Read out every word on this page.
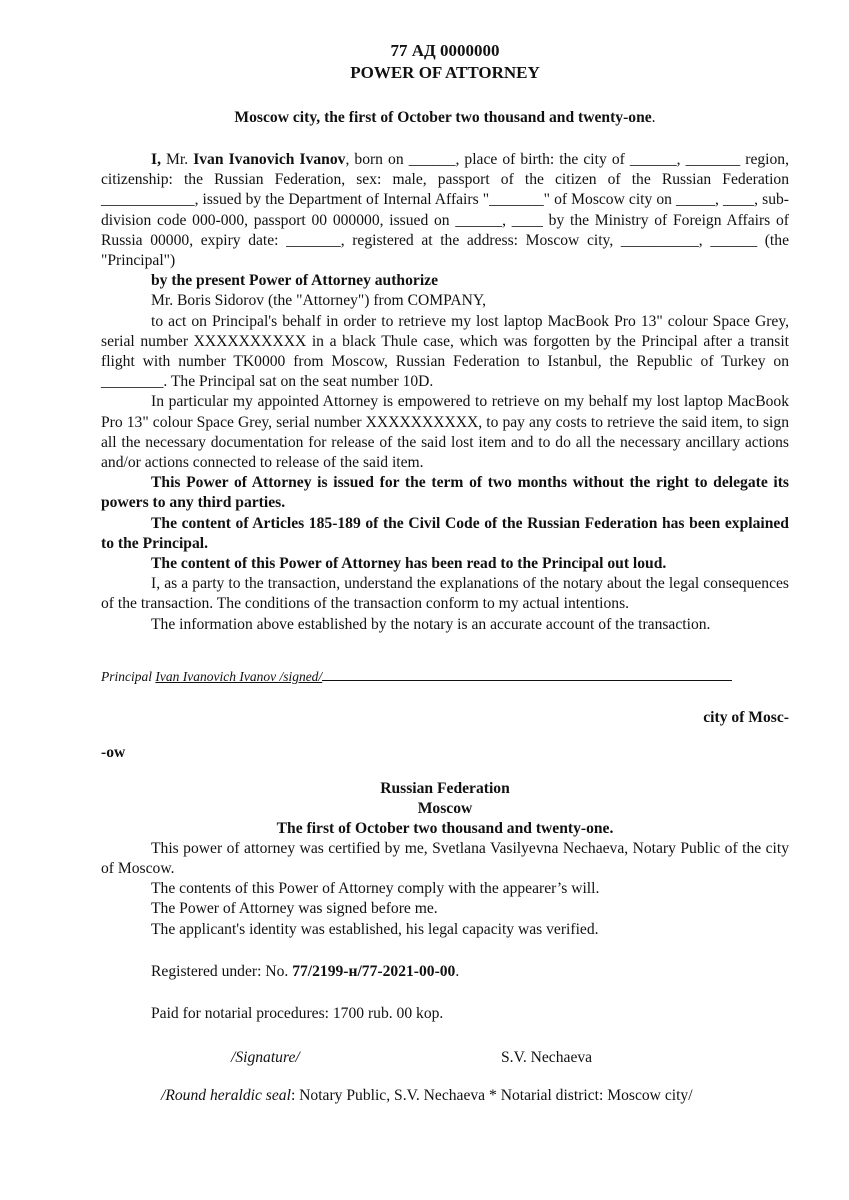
77 АД 0000000
POWER OF ATTORNEY
Moscow city, the first of October two thousand and twenty-one.

I, Mr. Ivan Ivanovich Ivanov, born on ______, place of birth: the city of ______, _______ region, citizenship: the Russian Federation, sex: male, passport of the citizen of the Russian Federation ____________, issued by the Department of Internal Affairs "_______" of Moscow city on _____, ____, sub-division code 000-000, passport 00 000000, issued on ______, ____ by the Ministry of Foreign Affairs of Russia 00000, expiry date: _______, registered at the address: Moscow city, __________, ______ (the "Principal")

by the present Power of Attorney authorize

Mr. Boris Sidorov (the "Attorney") from COMPANY,

to act on Principal's behalf in order to retrieve my lost laptop MacBook Pro 13" colour Space Grey, serial number XXXXXXXXXX in a black Thule case, which was forgotten by the Principal after a transit flight with number TK0000 from Moscow, Russian Federation to Istanbul, the Republic of Turkey on ________. The Principal sat on the seat number 10D.

In particular my appointed Attorney is empowered to retrieve on my behalf my lost laptop MacBook Pro 13" colour Space Grey, serial number XXXXXXXXXX, to pay any costs to retrieve the said item, to sign all the necessary documentation for release of the said lost item and to do all the necessary ancillary actions and/or actions connected to release of the said item.

This Power of Attorney is issued for the term of two months without the right to delegate its powers to any third parties.

The content of Articles 185-189 of the Civil Code of the Russian Federation has been explained to the Principal.

The content of this Power of Attorney has been read to the Principal out loud.

I, as a party to the transaction, understand the explanations of the notary about the legal consequences of the transaction. The conditions of the transaction conform to my actual intentions.

The information above established by the notary is an accurate account of the transaction.

Principal Ivan Ivanovich Ivanov /signed/
city of Mosc-
-ow
Russian Federation
Moscow
The first of October two thousand and twenty-one.

This power of attorney was certified by me, Svetlana Vasilyevna Nechaeva, Notary Public of the city of Moscow.

The contents of this Power of Attorney comply with the appearer’s will.

The Power of Attorney was signed before me.

The applicant's identity was established, his legal capacity was verified.

Registered under: No. 77/2199-н/77-2021-00-00.

Paid for notarial procedures: 1700 rub. 00 kop.

/Signature/	S.V. Nechaeva
/Round heraldic seal: Notary Public, S.V. Nechaeva * Notarial district: Moscow city/
